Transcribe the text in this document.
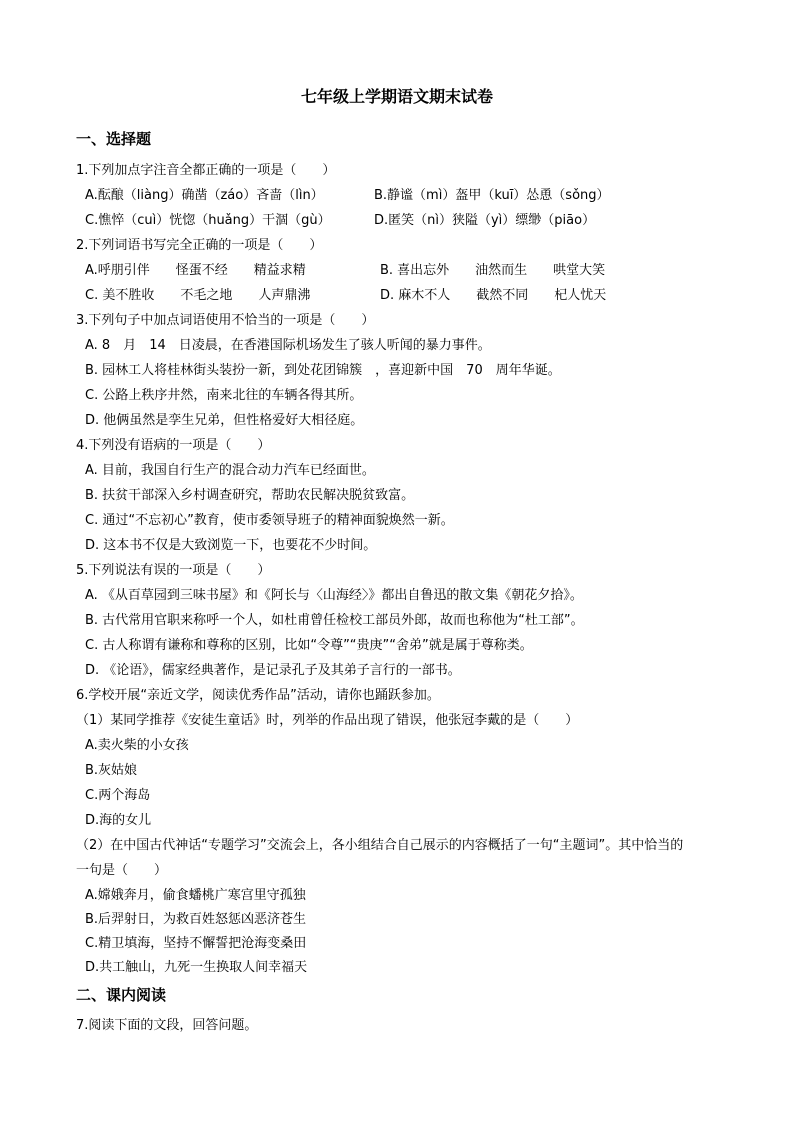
七年级上学期语文期末试卷
一、选择题
1.下列加点字注音全都正确的一项是（　　）
A.酝酿（liàng）确凿（záo）吝啬（lìn）	B.静谧（mì）盔甲（kuī）怂恿（sǒng）
C.憔悴（cuì）恍惚（huǎng）干涸（gù）	D.匿笑（nì）狭隘（yì）缥缈（piāo）
2.下列词语书写完全正确的一项是（　　）
A.呼朋引伴　　怪蛋不经　　精益求精	B. 喜出忘外　　油然而生　　哄堂大笑
C. 美不胜收　　不毛之地　　人声鼎沸	D. 麻木不人　　截然不同　　杞人忧天
3.下列句子中加点词语使用不恰当的一项是（　　）
A. 8　月　14　日凌晨，在香港国际机场发生了骇人听闻的暴力事件。
B. 园林工人将桂林街头装扮一新，到处花团锦簇　，喜迎新中国　70　周年华诞。
C. 公路上秩序井然，南来北往的车辆各得其所。
D. 他俩虽然是孪生兄弟，但性格爱好大相径庭。
4.下列没有语病的一项是（　　）
A. 目前，我国自行生产的混合动力汽车已经面世。
B. 扶贫干部深入乡村调查研究，帮助农民解决脱贫致富。
C. 通过“不忘初心”教育，使市委领导班子的精神面貌焕然一新。
D. 这本书不仅是大致浏览一下，也要花不少时间。
5.下列说法有误的一项是（　　）
A. 《从百草园到三味书屋》和《阿长与〈山海经〉》都出自鲁迅的散文集《朝花夕拾》。
B. 古代常用官职来称呼一个人，如杜甫曾任检校工部员外郎，故而也称他为“杜工部”。
C. 古人称谓有谦称和尊称的区别，比如“令尊”“贵庚”“舍弟”就是属于尊称类。
D. 《论语》，儒家经典著作，是记录孔子及其弟子言行的一部书。
6.学校开展“亲近文学，阅读优秀作品”活动，请你也踊跃参加。
（1）某同学推荐《安徒生童话》时，列举的作品出现了错误，他张冠李戴的是（　　）
A.卖火柴的小女孩
B.灰姑娘
C.两个海岛
D.海的女儿
（2）在中国古代神话“专题学习”交流会上，各小组结合自己展示的内容概括了一句“主题词”。其中恰当的
一句是（　　）
A.嫦娥奔月，偷食蟠桃广寒宫里守孤独
B.后羿射日，为救百姓怒惩凶恶济苍生
C.精卫填海，坚持不懈誓把沧海变桑田
D.共工触山，九死一生换取人间幸福天
二、课内阅读
7.阅读下面的文段，回答问题。
